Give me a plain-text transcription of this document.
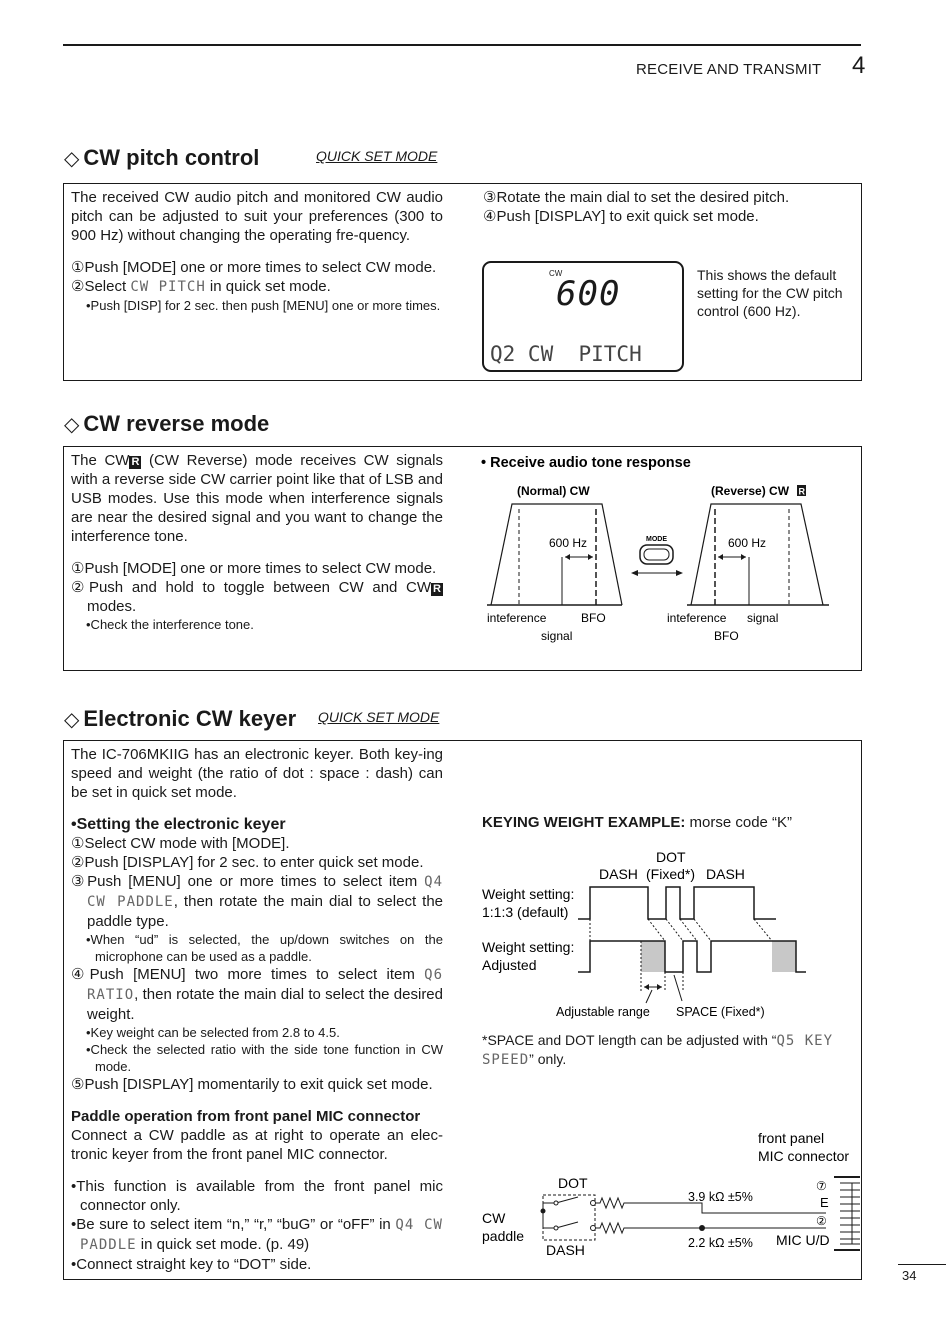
RECEIVE AND TRANSMIT 4
◇ CW pitch control	QUICK SET MODE
The received CW audio pitch and monitored CW audio pitch can be adjusted to suit your preferences (300 to 900 Hz) without changing the operating fre-quency.
①Push [MODE] one or more times to select CW mode.
②Select CW PITCH in quick set mode.
•Push [DISP] for 2 sec. then push [MENU] one or more times.
③Rotate the main dial to set the desired pitch.
④Push [DISPLAY] to exit quick set mode.
CW
600
Q2 CW  PITCH
This shows the default setting for the CW pitch control (600 Hz).
◇ CW reverse mode
The CW R (CW Reverse) mode receives CW signals with a reverse side CW carrier point like that of LSB and USB modes. Use this mode when interference signals are near the desired signal and you want to change the interference tone.
①Push [MODE] one or more times to select CW mode.
②Push and hold to toggle between CW and CW R modes.
•Check the interference tone.
• Receive audio tone response
(Normal) CW	(Reverse) CW R
600 Hz
inteference	BFO
signal
MODE	600 Hz
inteference signal
BFO
◇ Electronic CW keyer QUICK SET MODE
The IC-706MKIIG has an electronic keyer. Both key-ing speed and weight (the ratio of dot : space : dash) can be set in quick set mode.
•Setting the electronic keyer
①Select CW mode with [MODE].
②Push [DISPLAY] for 2 sec. to enter quick set mode.
③Push [MENU] one or more times to select item Q4 CW PADDLE, then rotate the main dial to select the paddle type.
•When “ud” is selected, the up/down switches on the microphone can be used as a paddle.
④Push [MENU] two more times to select item Q6 RATIO, then rotate the main dial to select the desired weight.
•Key weight can be selected from 2.8 to 4.5.
•Check the selected ratio with the side tone function in CW mode.
⑤Push [DISPLAY] momentarily to exit quick set mode.
Paddle operation from front panel MIC connector
Connect a CW paddle as at right to operate an elec-tronic keyer from the front panel MIC connector.
•This function is available from the front panel mic connector only.
•Be sure to select item “n,” “r,” “buG” or “oFF” in Q4 CW PADDLE in quick set mode. (p. 49)
•Connect straight key to “DOT” side.
KEYING WEIGHT EXAMPLE: morse code “K”
DASH
DOT
(Fixed*) DASH
Weight setting:
1:1:3 (default)
Weight setting:
Adjusted
Adjustable range SPACE (Fixed*)
*SPACE and DOT length can be adjusted with “Q5 KEY SPEED” only.
front panel
MIC connector
DOT
DASH
CW
paddle
3.9 kΩ ±5%
2.2 kΩ ±5%
⑦
E
②
MIC U/D
34
